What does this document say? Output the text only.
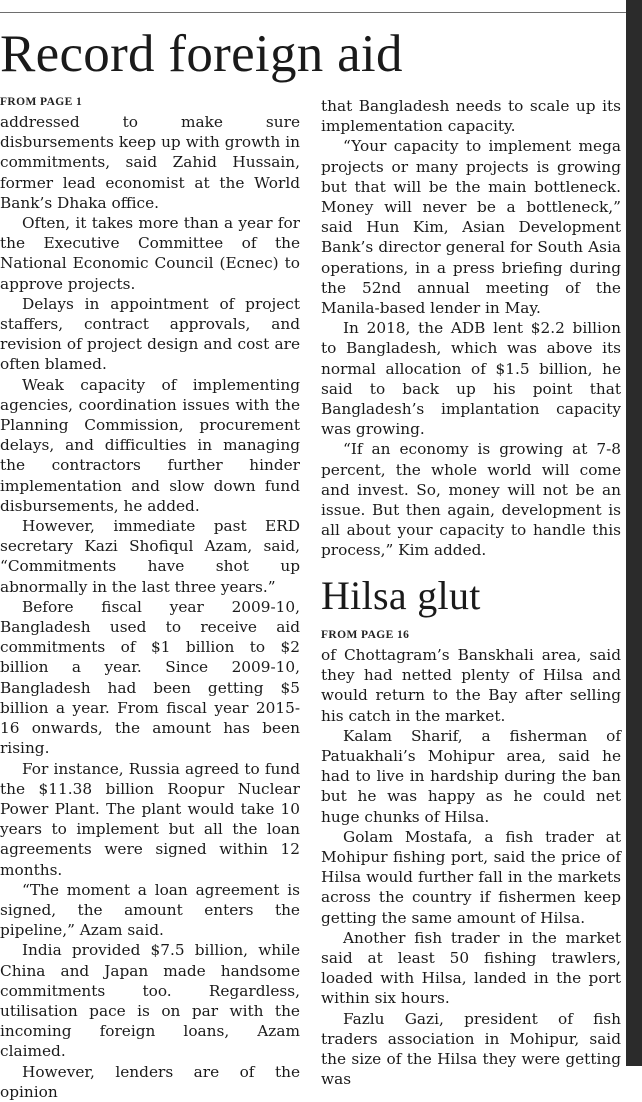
Record foreign aid
FROM PAGE 1

addressed to make sure disbursements keep up with growth in commitments, said Zahid Hussain, former lead economist at the World Bank’s Dhaka office.

Often, it takes more than a year for the Executive Committee of the National Economic Council (Ecnec) to approve projects.

Delays in appointment of project staffers, contract approvals, and revision of project design and cost are often blamed.

Weak capacity of implementing agencies, coordination issues with the Planning Commission, procurement delays, and difficulties in managing the contractors further hinder implementation and slow down fund disbursements, he added.

However, immediate past ERD secretary Kazi Shofiqul Azam, said, “Commitments have shot up abnormally in the last three years.”

Before fiscal year 2009-10, Bangladesh used to receive aid commitments of $1 billion to $2 billion a year. Since 2009-10, Bangladesh had been getting $5 billion a year. From fiscal year 2015-16 onwards, the amount has been rising.

For instance, Russia agreed to fund the $11.38 billion Roopur Nuclear Power Plant. The plant would take 10 years to implement but all the loan agreements were signed within 12 months.

“The moment a loan agreement is signed, the amount enters the pipeline,” Azam said.

India provided $7.5 billion, while China and Japan made handsome commitments too. Regardless, utilisation pace is on par with the incoming foreign loans, Azam claimed.

However, lenders are of the opinion

that Bangladesh needs to scale up its implementation capacity.

“Your capacity to implement mega projects or many projects is growing but that will be the main bottleneck. Money will never be a bottleneck,” said Hun Kim, Asian Development Bank’s director general for South Asia operations, in a press briefing during the 52nd annual meeting of the Manila-based lender in May.

In 2018, the ADB lent $2.2 billion to Bangladesh, which was above its normal allocation of $1.5 billion, he said to back up his point that Bangladesh’s implantation capacity was growing.

“If an economy is growing at 7-8 percent, the whole world will come and invest. So, money will not be an issue. But then again, development is all about your capacity to handle this process,” Kim added.

Hilsa glut
FROM PAGE 16

of Chottagram’s Banskhali area, said they had netted plenty of Hilsa and would return to the Bay after selling his catch in the market.

Kalam Sharif, a fisherman of Patuakhali’s Mohipur area, said he had to live in hardship during the ban but he was happy as he could net huge chunks of Hilsa.

Golam Mostafa, a fish trader at Mohipur fishing port, said the price of Hilsa would further fall in the markets across the country if fishermen keep getting the same amount of Hilsa.

Another fish trader in the market said at least 50 fishing trawlers, loaded with Hilsa, landed in the port within six hours.

Fazlu Gazi, president of fish traders association in Mohipur, said the size of the Hilsa they were getting was
